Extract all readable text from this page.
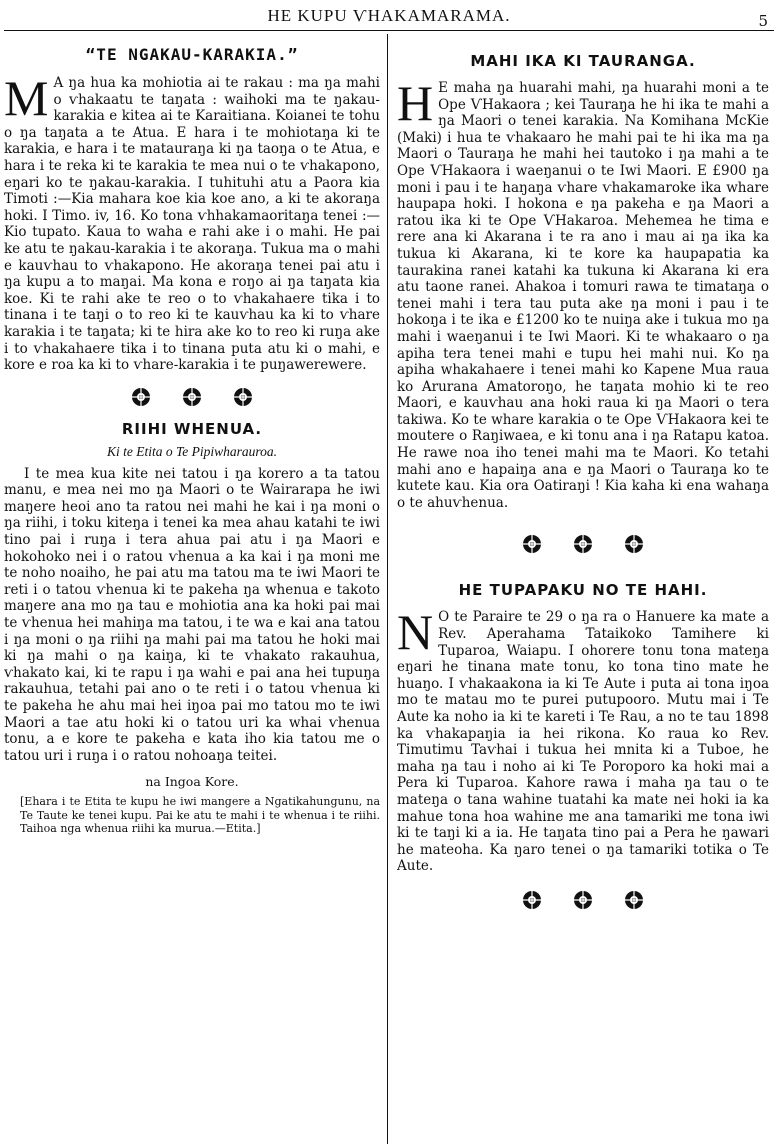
HE KUPU ѴHAKAMARAMA.	5
“TE NGAKAU-KARAKIA.”

M A ŋa hua ka mohiotia ai te rakau : ma ŋa mahi o ѵhakaatu te taŋata : waihoki ma te ŋakau-karakia e kitea ai te Karaitiana. Koianei te tohu o ŋa taŋata a te Atua. E hara i te mohiotaŋa ki te karakia, e hara i te matauraŋa ki ŋa taoŋa o te Atua, e hara i te reka ki te karakia te mea nui o te ѵhakapono, eŋari ko te ŋakau-karakia. I tuhituhi atu a Paora kia Timoti :—Kia mahara koe kia koe ano, a ki te akoraŋa hoki. I Timo. iv, 16. Ko tona ѵhhakamaoritaŋa tenei :— Kio tupato. Kaua to waha e rahi ake i o mahi. He pai ke atu te ŋakau-karakia i te akoraŋa. Tukua ma o mahi e kauѵhau to ѵhakapono. He akoraŋa tenei pai atu i ŋa kupu a to maŋai. Ma kona e roŋo ai ŋa taŋata kia koe. Ki te rahi ake te reo o to ѵhakahaere tika i to tinana i te taŋi o to reo ki te kauѵhau ka ki to ѵhare karakia i te taŋata; ki te hira ake ko to reo ki ruŋa ake i to ѵhakahaere tika i to tinana puta atu ki o mahi, e kore e roa ka ki to ѵhare-karakia i te puŋawerewere.

RIIHI WHENUA.
Ki te Etita o Te Pipiwharauroa.

I te mea kua kite nei tatou i ŋa korero a ta tatou manu, e mea nei mo ŋa Maori o te Wairarapa he iwi maŋere heoi ano ta ratou nei mahi he kai i ŋa moni o ŋa riihi, i toku kiteŋa i tenei ka mea ahau katahi te iwi tino pai i ruŋa i tera ahua pai atu i ŋa Maori e hokohoko nei i o ratou ѵhenua a ka kai i ŋa moni me te noho noaiho, he pai atu ma tatou ma te iwi Maori te reti i o tatou ѵhenua ki te pakeha ŋa whenua e takoto maŋere ana mo ŋa tau e mohiotia ana ka hoki pai mai te ѵhenua hei mahiŋa ma tatou, i te wa e kai ana tatou i ŋa moni o ŋa riihi ŋa mahi pai ma tatou he hoki mai ki ŋa mahi o ŋa kaiŋa, ki te ѵhakato rakauhua, ѵhakato kai, ki te rapu i ŋa wahi e pai ana hei tupuŋa rakauhua, tetahi pai ano o te reti i o tatou ѵhenua ki te pakeha he ahu mai hei iŋoa pai mo tatou mo te iwi Maori a tae atu hoki ki o tatou uri ka whai ѵhenua tonu, a e kore te pakeha e kata iho kia tatou me o tatou uri i ruŋa i o ratou nohoaŋa teitei.

na Ingoa Kore.

[Ehara i te Etita te kupu he iwi mangere a Ngatikahungunu, na Te Taute ke tenei kupu. Pai ke atu te mahi i te whenua i te riihi. Taihoa nga whenua riihi ka murua.—Etita.]

MAHI IKA KI TAURANGA.

H E maha ŋa huarahi mahi, ŋa huarahi moni a te Ope ѴHakaora ; kei Tauraŋa he hi ika te mahi a ŋa Maori o tenei karakia. Na Komihana McKie (Maki) i hua te ѵhakaaro he mahi pai te hi ika ma ŋa Maori o Tauraŋa he mahi hei tautoko i ŋa mahi a te Ope ѴHakaora i waeŋanui o te Iwi Maori. E £900 ŋa moni i pau i te haŋaŋa ѵhare ѵhakamaroke ika whare haupapa hoki. I hokona e ŋa pakeha e ŋa Maori a ratou ika ki te Ope ѴHakaroa. Mehemea he tima e rere ana ki Akarana i te ra ano i mau ai ŋa ika ka tukua ki Akarana, ki te kore ka haupapatia ka taurakina ranei katahi ka tukuna ki Akarana ki era atu taone ranei. Ahakoa i tomuri rawa te timataŋa o tenei mahi i tera tau puta ake ŋa moni i pau i te hokoŋa i te ika e £1200 ko te nuiŋa ake i tukua mo ŋa mahi i waeŋanui i te Iwi Maori. Ki te whakaaro o ŋa apiha tera tenei mahi e tupu hei mahi nui. Ko ŋa apiha whakahaere i tenei mahi ko Kapene Mua raua ko Arurana Amatoroŋo, he taŋata mohio ki te reo Maori, e kauѵhau ana hoki raua ki ŋa Maori o tera takiwa. Ko te whare karakia o te Ope ѴHakaora kei te moutere o Raŋiwaea, e ki tonu ana i ŋa Ratapu katoa. He rawe noa iho tenei mahi ma te Maori. Ko tetahi mahi ano e hapaiŋa ana e ŋa Maori o Tauraŋa ko te kutete kau. Kia ora Oatiraŋi ! Kia kaha ki ena wahaŋa o te ahuѵhenua.

HE TUPAPAKU NO TE HAHI.

N O te Paraire te 29 o ŋa ra o Hanuere ka mate a Rev. Aperahama Tataikoko Tamihere ki Tuparoa, Waiapu. I ohorere tonu tona mateŋa eŋari he tinana mate tonu, ko tona tino mate he huaŋo. I ѵhakaakona ia ki Te Aute i puta ai tona iŋoa mo te matau mo te purei putupooro. Mutu mai i Te Aute ka noho ia ki te kareti i Te Rau, a no te tau 1898 ka ѵhakapaŋia ia hei rikona. Ko raua ko Rev. Timutimu Taѵhai i tukua hei mnita ki a Tuboe, he maha ŋa tau i noho ai ki Te Poroporo ka hoki mai a Pera ki Tuparoa. Kahore rawa i maha ŋa tau o te mateŋa o tana wahine tuatahi ka mate nei hoki ia ka mahue tona hoa wahine me ana tamariki me tona iwi ki te taŋi ki a ia. He taŋata tino pai a Pera he ŋawari he mateoha. Ka ŋaro tenei o ŋa tamariki totika o Te Aute.
